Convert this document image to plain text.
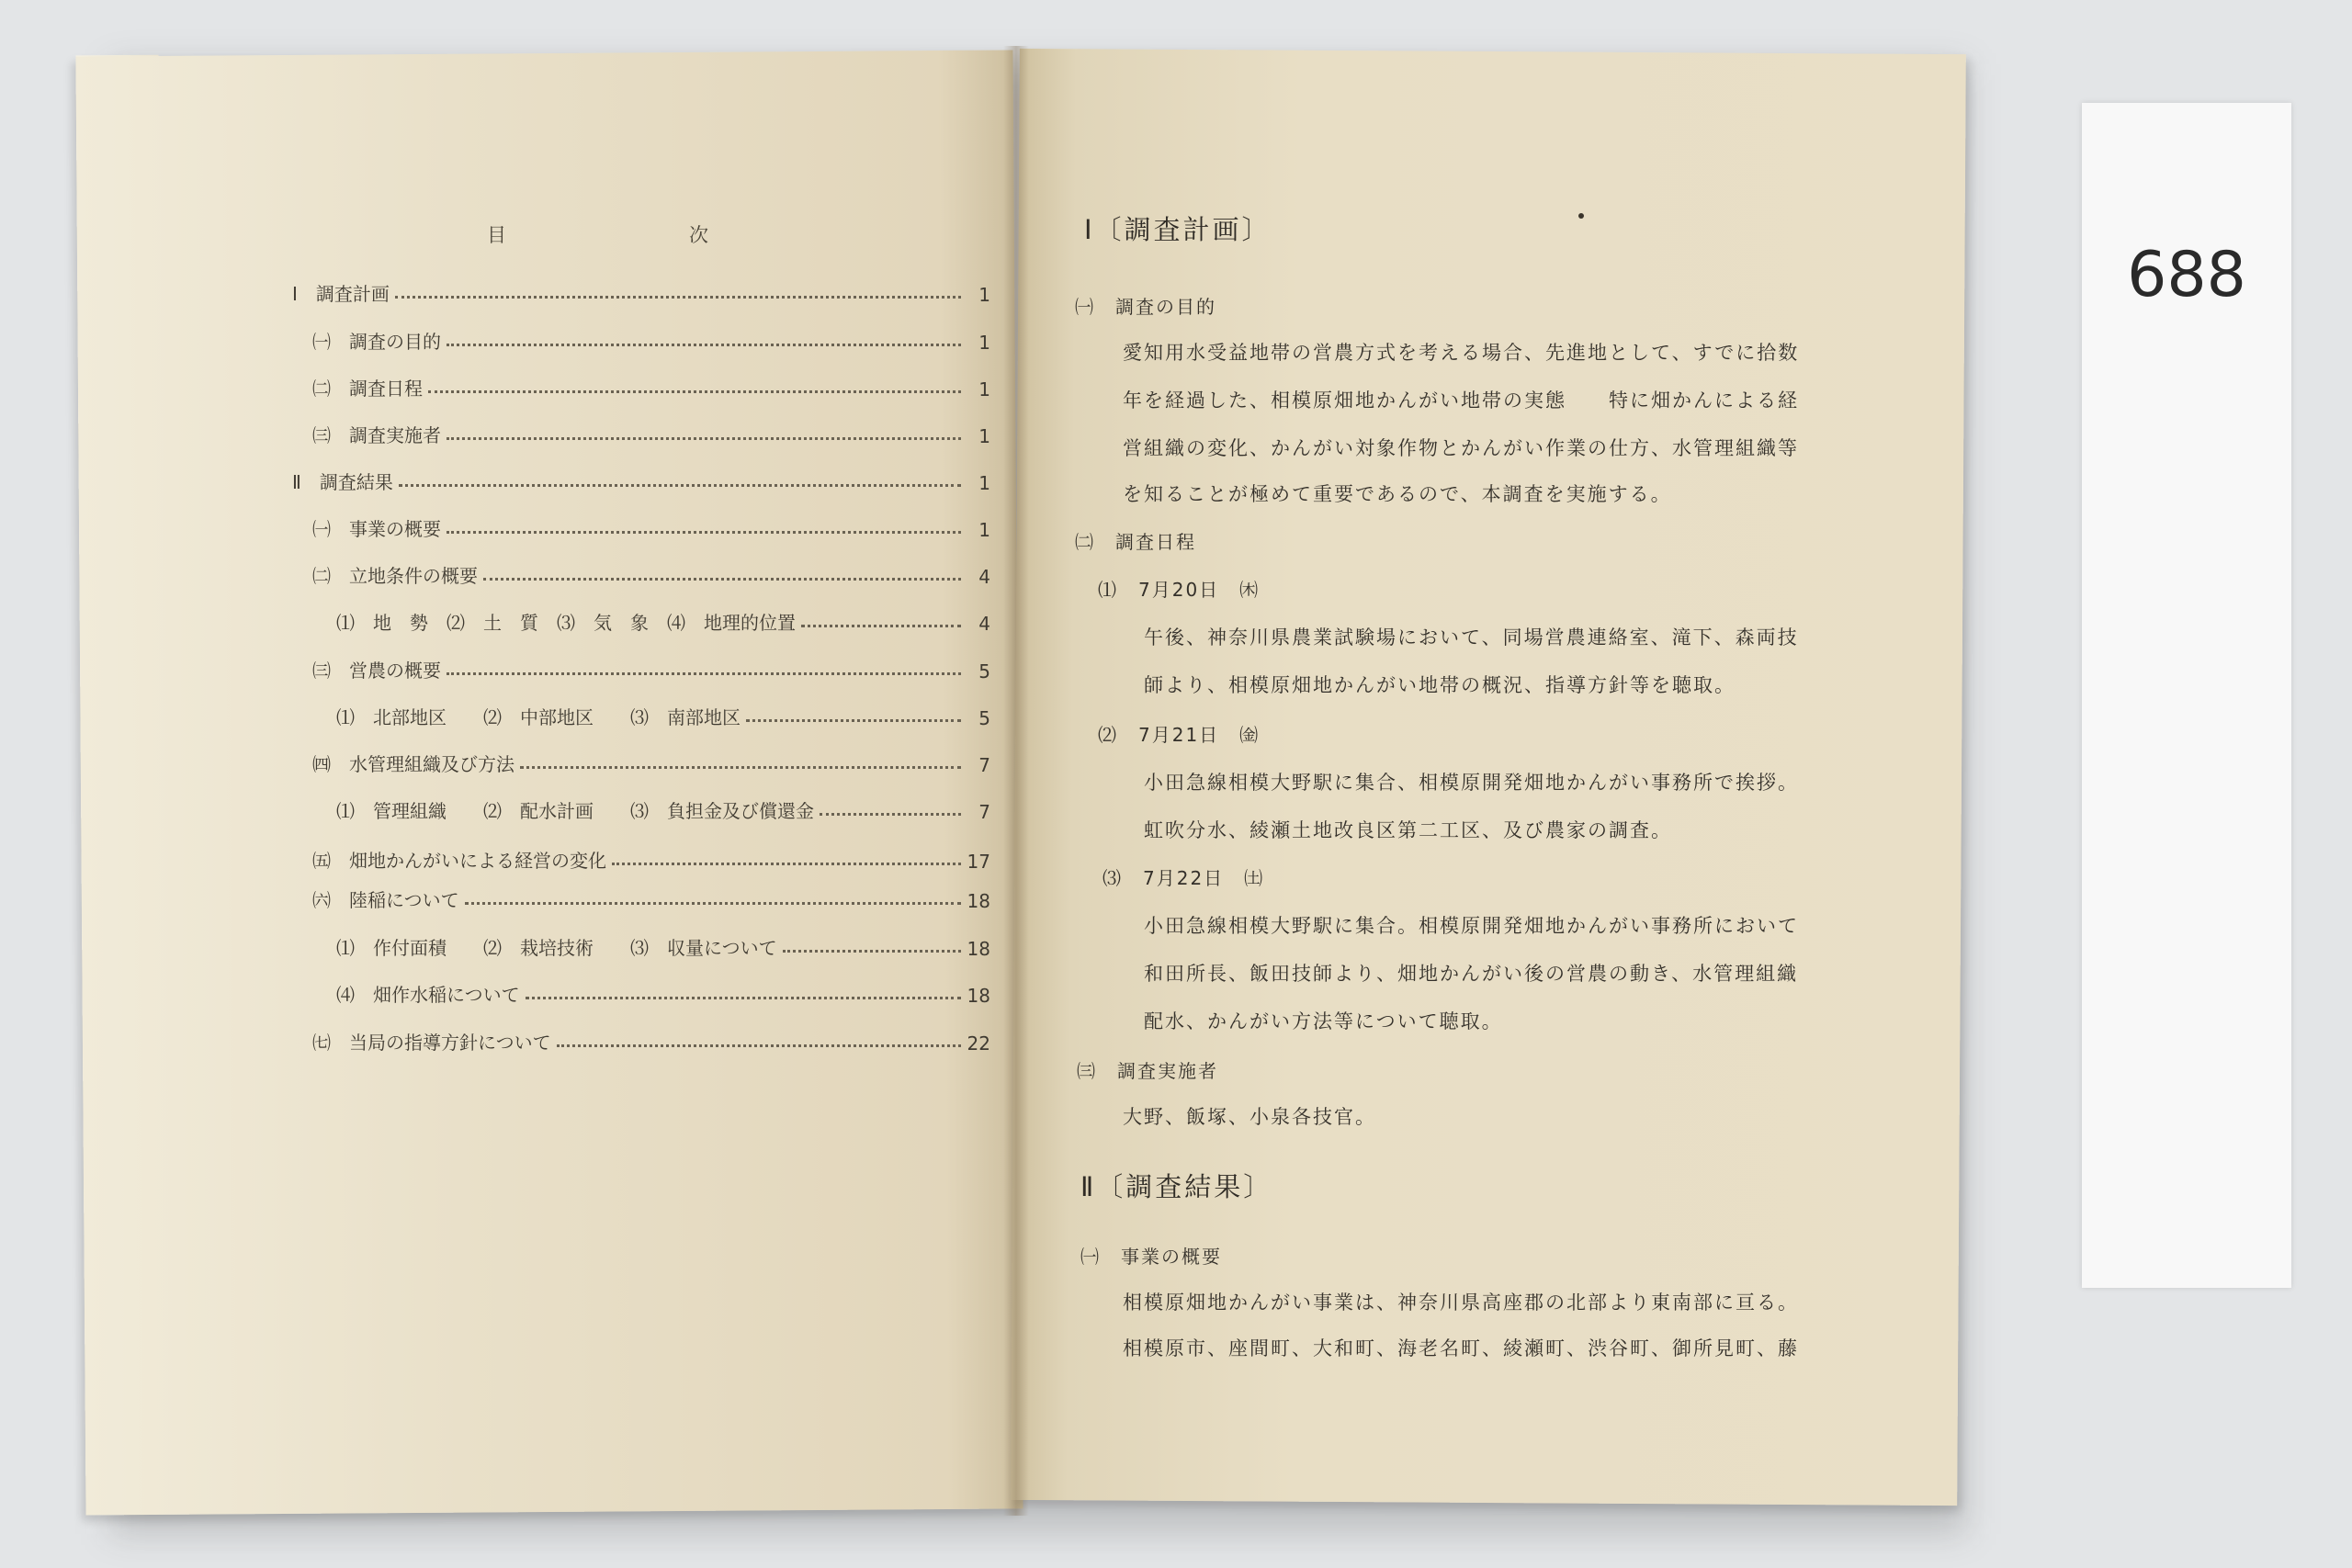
目	次
Ⅰ　調査計画	1
㈠　調査の目的	1
㈡　調査日程	1
㈢　調査実施者	1
Ⅱ　調査結果	1
㈠　事業の概要	1
㈡　立地条件の概要	4
⑴　地　勢　⑵　土　質　⑶　気　象　⑷　地理的位置	4
㈢　営農の概要	5
⑴　北部地区　　⑵　中部地区　　⑶　南部地区	5
㈣　水管理組織及び方法	7
⑴　管理組織　　⑵　配水計画　　⑶　負担金及び償還金	7
㈤　畑地かんがいによる経営の変化	17
㈥　陸稲について	18
⑴　作付面積　　⑵　栽培技術　　⑶　収量について	18
⑷　畑作水稲について	18
㈦　当局の指導方針について	22
Ⅰ〔調査計画〕
㈠　調査の目的
愛知用水受益地帯の営農方式を考える場合、先進地として、すでに拾数
年を経過した、相模原畑地かんがい地帯の実態　　特に畑かんによる経
営組織の変化、かんがい対象作物とかんがい作業の仕方、水管理組織等
を知ることが極めて重要であるので、本調査を実施する。
㈡　調査日程
⑴　7月20日　㈭
午後、神奈川県農業試験場において、同場営農連絡室、滝下、森両技
師より、相模原畑地かんがい地帯の概況、指導方針等を聴取。
⑵　7月21日　㈮
小田急線相模大野駅に集合、相模原開発畑地かんがい事務所で挨拶。
虹吹分水、綾瀬土地改良区第二工区、及び農家の調査。
⑶　7月22日　㈯
小田急線相模大野駅に集合。相模原開発畑地かんがい事務所において
和田所長、飯田技師より、畑地かんがい後の営農の動き、水管理組織
配水、かんがい方法等について聴取。
㈢　調査実施者
大野、飯塚、小泉各技官。
Ⅱ〔調査結果〕
㈠　事業の概要
相模原畑地かんがい事業は、神奈川県高座郡の北部より東南部に亘る。
相模原市、座間町、大和町、海老名町、綾瀬町、渋谷町、御所見町、藤
688
